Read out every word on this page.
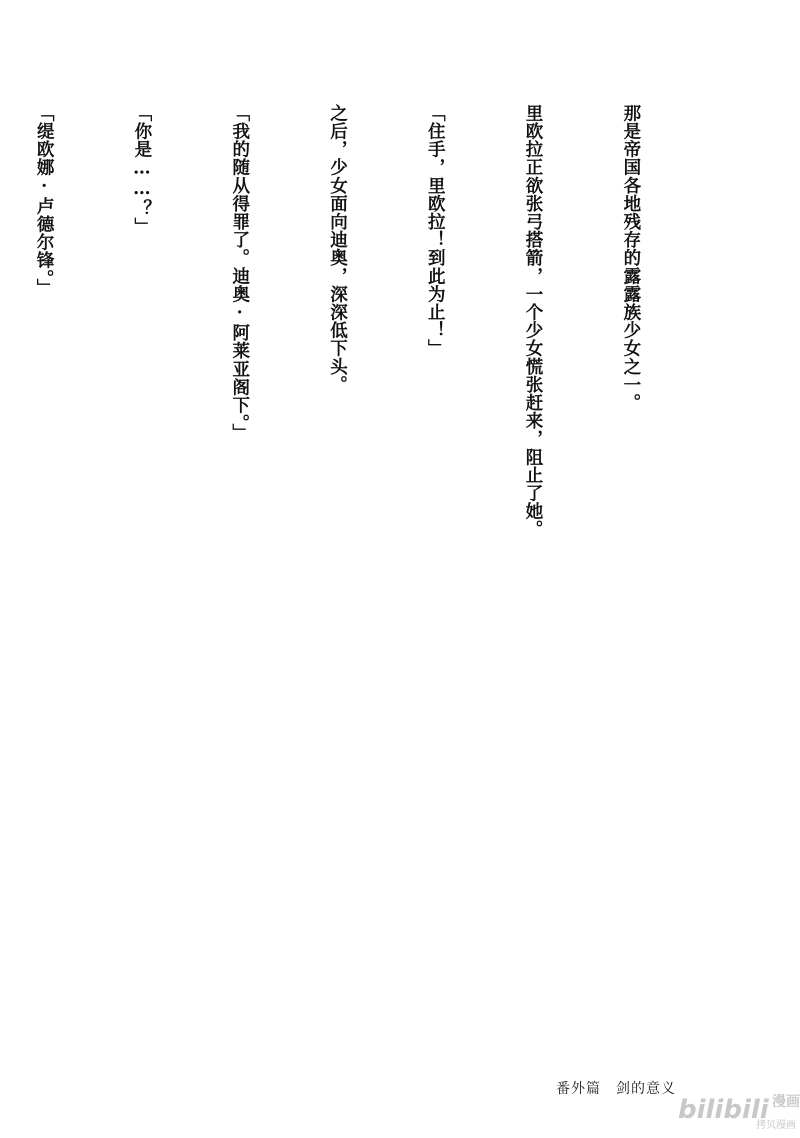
那是帝国各地残存的露露族少女之一。

里欧拉正欲张弓搭箭，一个少女慌张赶来，阻止了她。

「住手，里欧拉！到此为止！」

之后，少女面向迪奥，深深低下头。

「我的随从得罪了。迪奥·阿莱亚阁下。」

「你是……？」

「缇欧娜·卢德尔锋。」

番外篇　剑的意义
bilibili 漫画
拷贝漫画
